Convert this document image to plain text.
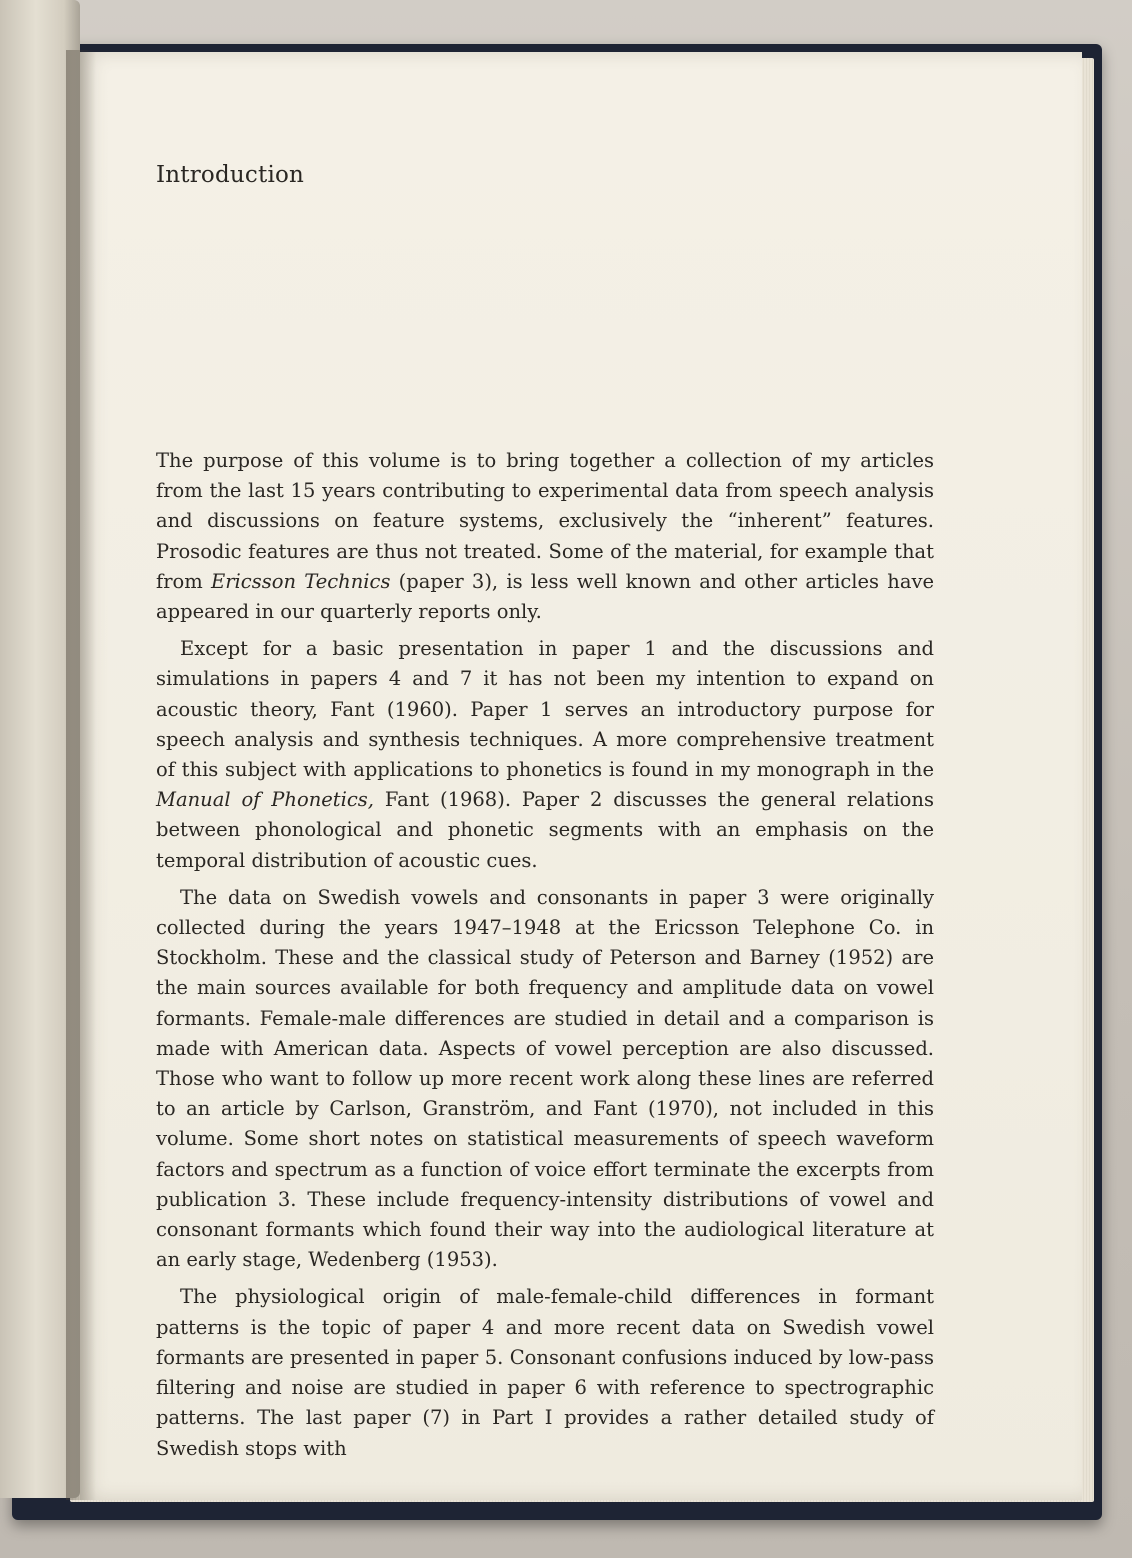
Introduction

The purpose of this volume is to bring together a collection of my articles from the last 15 years contributing to experimental data from speech analysis and discussions on feature systems, exclusively the “inherent” features. Prosodic features are thus not treated. Some of the material, for example that from Ericsson Technics (paper 3), is less well known and other articles have appeared in our quarterly reports only.

Except for a basic presentation in paper 1 and the discussions and simulations in papers 4 and 7 it has not been my intention to expand on acoustic theory, Fant (1960). Paper 1 serves an introductory purpose for speech analysis and synthesis techniques. A more comprehensive treatment of this subject with applications to phonetics is found in my monograph in the Manual of Phonetics, Fant (1968). Paper 2 discusses the general relations between phonological and phonetic segments with an emphasis on the temporal distribution of acoustic cues.

The data on Swedish vowels and consonants in paper 3 were originally collected during the years 1947–1948 at the Ericsson Telephone Co. in Stockholm. These and the classical study of Peterson and Barney (1952) are the main sources available for both frequency and amplitude data on vowel formants. Female-male differences are studied in detail and a comparison is made with American data. Aspects of vowel perception are also discussed. Those who want to follow up more recent work along these lines are referred to an article by Carlson, Granström, and Fant (1970), not included in this volume. Some short notes on statistical measurements of speech waveform factors and spectrum as a function of voice effort terminate the excerpts from publication 3. These include frequency-intensity distributions of vowel and consonant formants which found their way into the audiological literature at an early stage, Wedenberg (1953).

The physiological origin of male-female-child differences in formant patterns is the topic of paper 4 and more recent data on Swedish vowel formants are presented in paper 5. Consonant confusions induced by low-pass filtering and noise are studied in paper 6 with reference to spectrographic patterns. The last paper (7) in Part I provides a rather detailed study of Swedish stops with
